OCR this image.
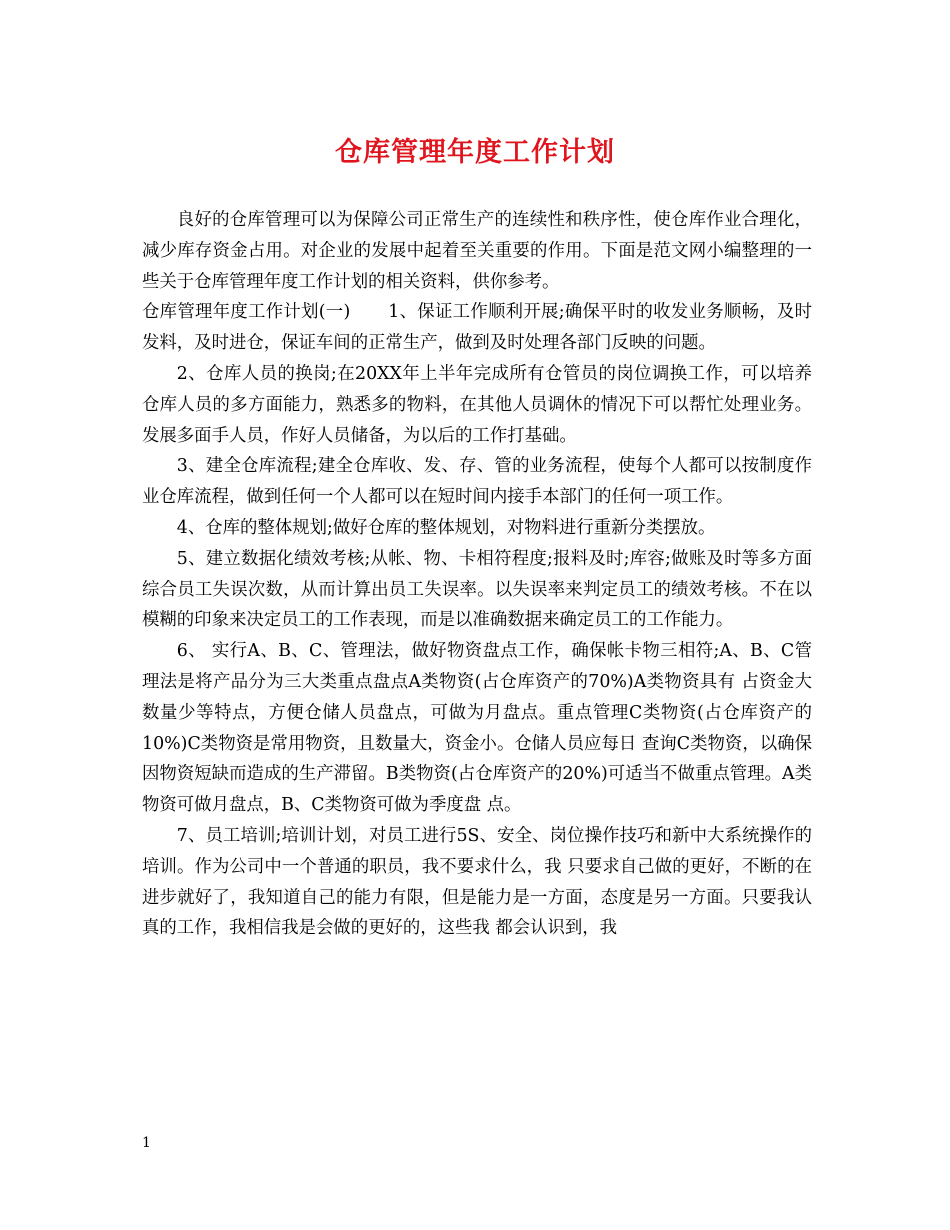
仓库管理年度工作计划

良好的仓库管理可以为保障公司正常生产的连续性和秩序性，使仓库作业合理化，减少库存资金占用。对企业的发展中起着至关重要的作用。下面是范文网小编整理的一些关于仓库管理年度工作计划的相关资料，供你参考。

仓库管理年度工作计划(一) 1、保证工作顺利开展;确保平时的收发业务顺畅，及时发料，及时进仓，保证车间的正常生产，做到及时处理各部门反映的问题。

2、仓库人员的换岗;在20XX年上半年完成所有仓管员的岗位调换工作，可以培养仓库人员的多方面能力，熟悉多的物料，在其他人员调休的情况下可以帮忙处理业务。发展多面手人员，作好人员储备，为以后的工作打基础。

3、建全仓库流程;建全仓库收、发、存、管的业务流程，使每个人都可以按制度作业仓库流程，做到任何一个人都可以在短时间内接手本部门的任何一项工作。

4、仓库的整体规划;做好仓库的整体规划，对物料进行重新分类摆放。

5、建立数据化绩效考核;从帐、物、卡相符程度;报料及时;库容;做账及时等多方面综合员工失误次数，从而计算出员工失误率。以失误率来判定员工的绩效考核。不在以模糊的印象来决定员工的工作表现，而是以准确数据来确定员工的工作能力。

6、 实行A、B、C、管理法，做好物资盘点工作，确保帐卡物三相符;A、B、C管理法是将产品分为三大类重点盘点A类物资(占仓库资产的70%)A类物资具有 占资金大数量少等特点，方便仓储人员盘点，可做为月盘点。重点管理C类物资(占仓库资产的10%)C类物资是常用物资，且数量大，资金小。仓储人员应每日 查询C类物资，以确保因物资短缺而造成的生产滞留。B类物资(占仓库资产的20%)可适当不做重点管理。A类物资可做月盘点，B、C类物资可做为季度盘 点。

7、员工培训;培训计划，对员工进行5S、安全、岗位操作技巧和新中大系统操作的培训。作为公司中一个普通的职员，我不要求什么，我 只要求自己做的更好，不断的在进步就好了，我知道自己的能力有限，但是能力是一方面，态度是另一方面。只要我认真的工作，我相信我是会做的更好的，这些我 都会认识到，我

1
